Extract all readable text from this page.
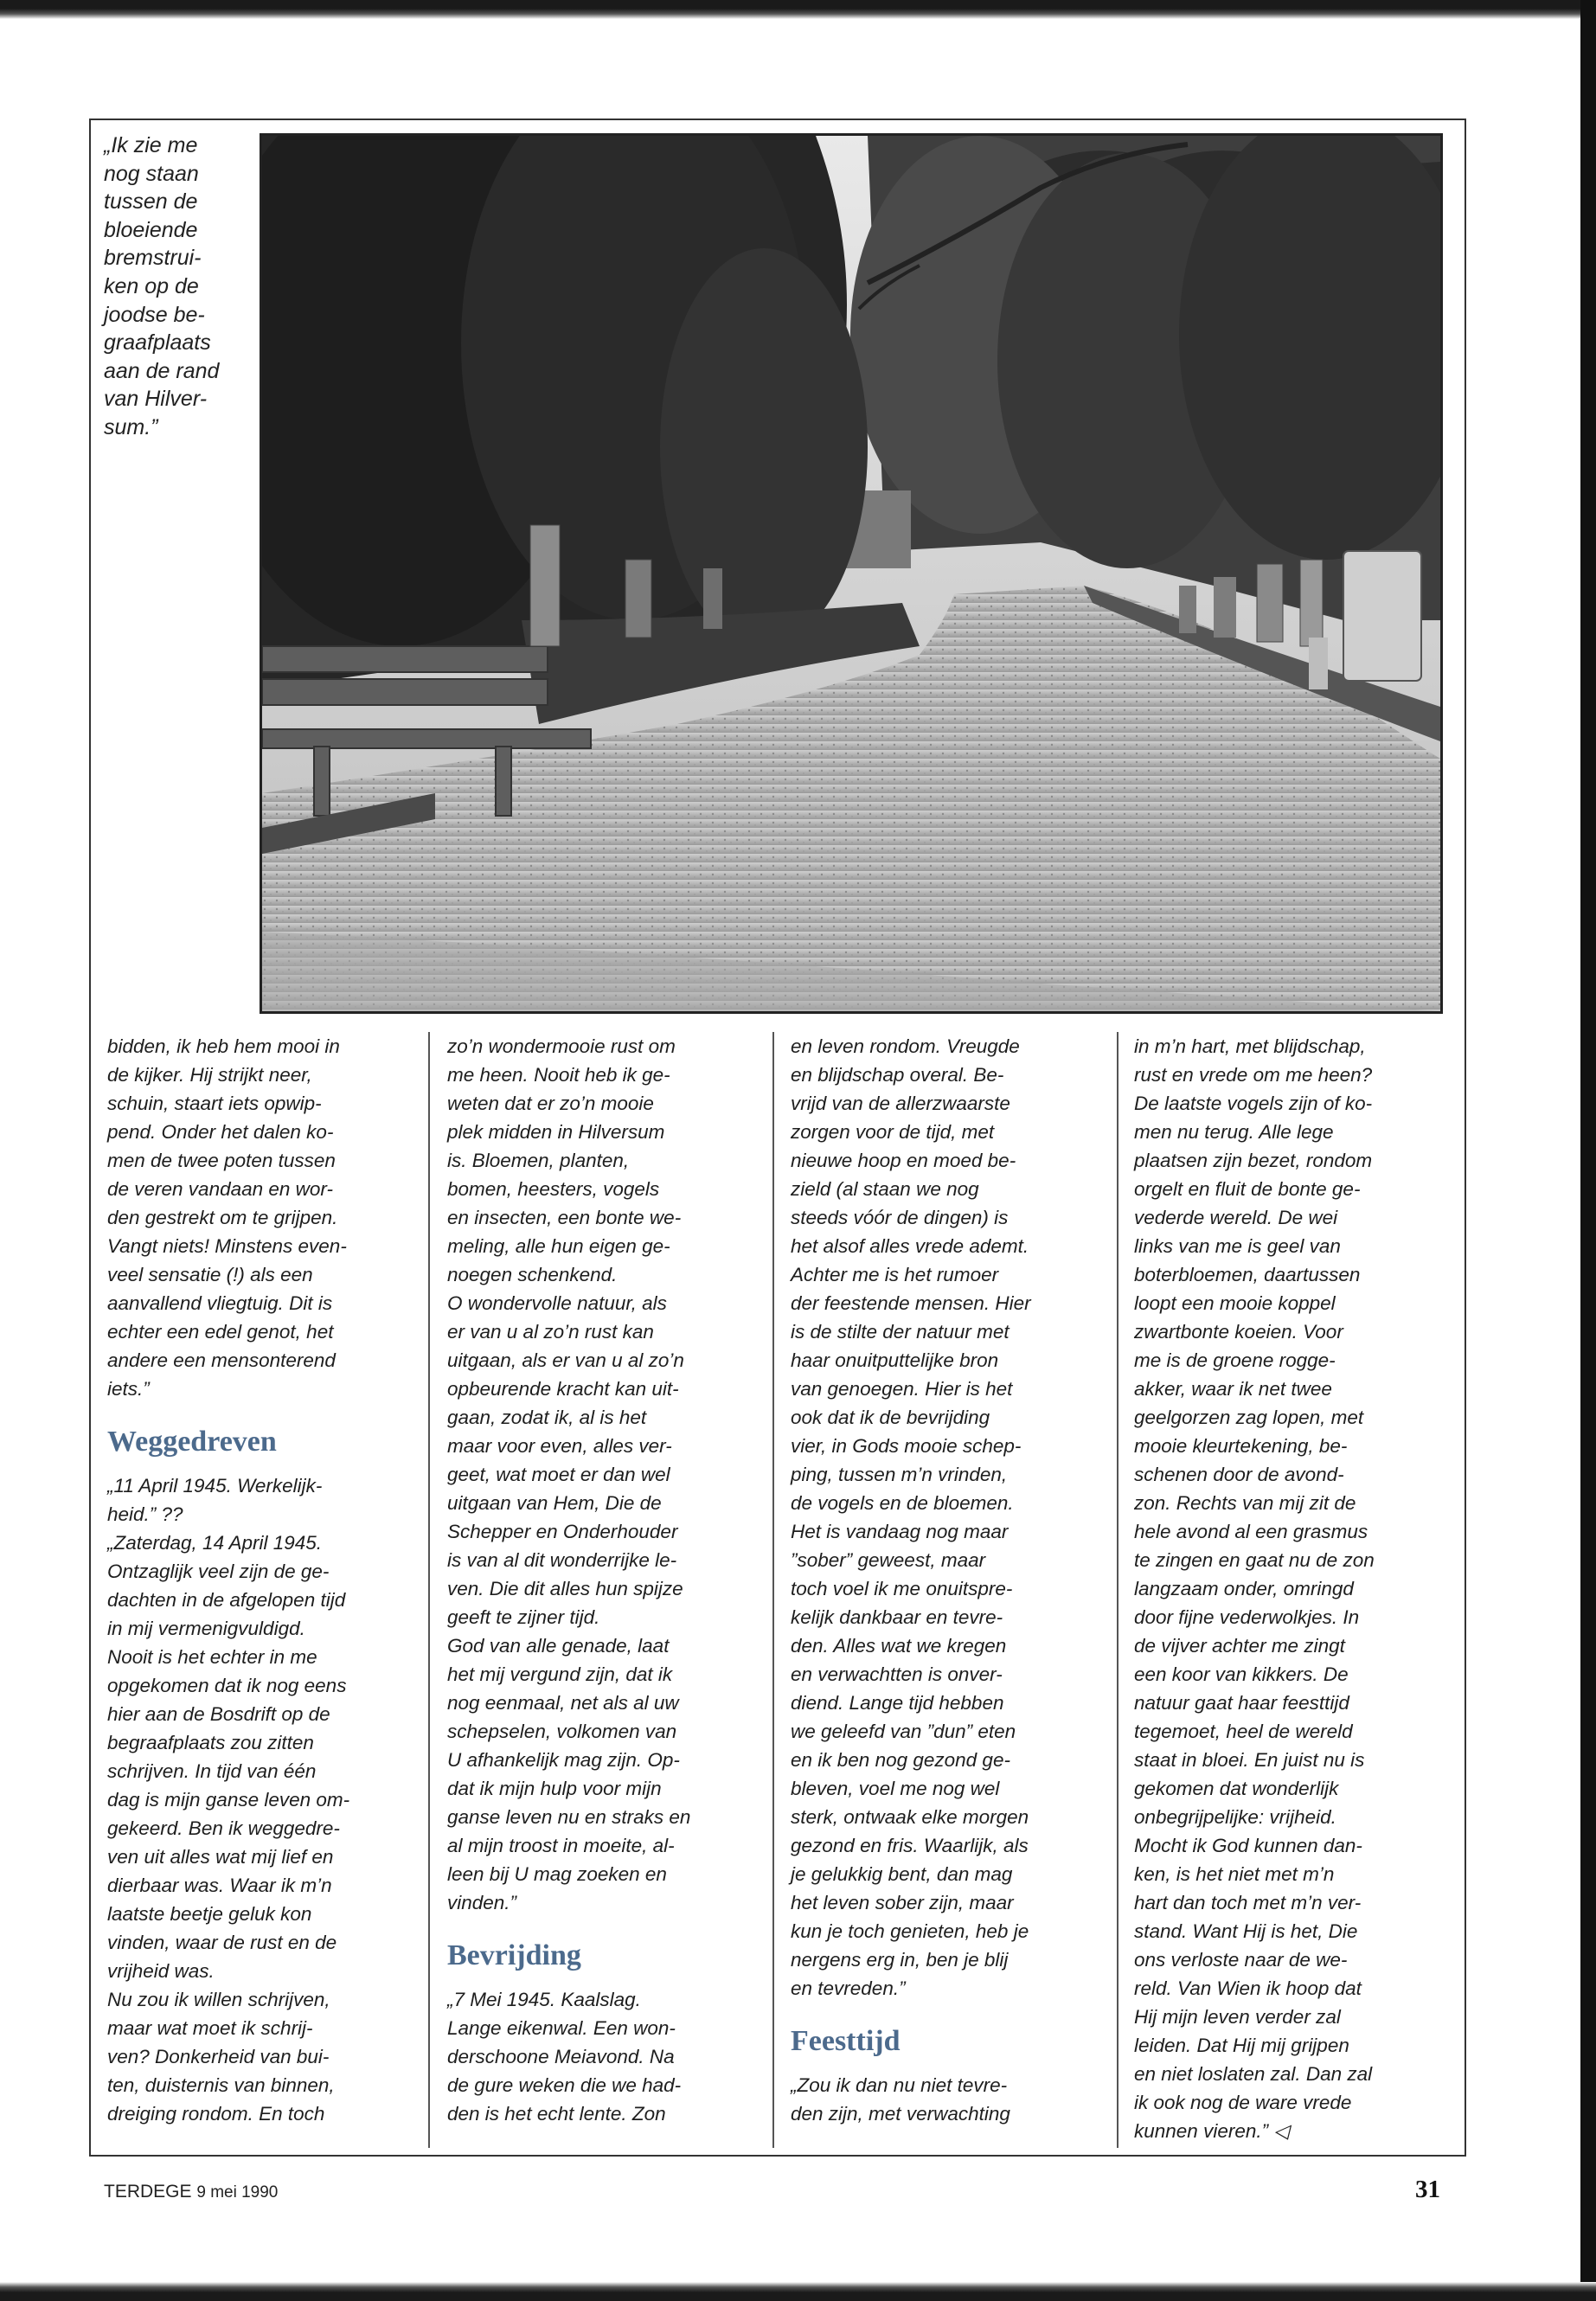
„Ik zie me
nog staan
tussen de
bloeiende
bremstrui-
ken op de
joodse be-
graafplaats
aan de rand
van Hilver-
sum.”

bidden, ik heb hem mooi in
de kijker. Hij strijkt neer,
schuin, staart iets opwip-
pend. Onder het dalen ko-
men de twee poten tussen
de veren vandaan en wor-
den gestrekt om te grijpen.
Vangt niets! Minstens even-
veel sensatie (!) als een
aanvallend vliegtuig. Dit is
echter een edel genot, het
andere een mensonterend
iets.”

Weggedreven

„11 April 1945. Werkelijk-
heid.” ??
„Zaterdag, 14 April 1945.
Ontzaglijk veel zijn de ge-
dachten in de afgelopen tijd
in mij vermenigvuldigd.
Nooit is het echter in me
opgekomen dat ik nog eens
hier aan de Bosdrift op de
begraafplaats zou zitten
schrijven. In tijd van één
dag is mijn ganse leven om-
gekeerd. Ben ik weggedre-
ven uit alles wat mij lief en
dierbaar was. Waar ik m’n
laatste beetje geluk kon
vinden, waar de rust en de
vrijheid was.
Nu zou ik willen schrijven,
maar wat moet ik schrij-
ven? Donkerheid van bui-
ten, duisternis van binnen,
dreiging rondom. En toch

zo’n wondermooie rust om
me heen. Nooit heb ik ge-
weten dat er zo’n mooie
plek midden in Hilversum
is. Bloemen, planten,
bomen, heesters, vogels
en insecten, een bonte we-
meling, alle hun eigen ge-
noegen schenkend.
O wondervolle natuur, als
er van u al zo’n rust kan
uitgaan, als er van u al zo’n
opbeurende kracht kan uit-
gaan, zodat ik, al is het
maar voor even, alles ver-
geet, wat moet er dan wel
uitgaan van Hem, Die de
Schepper en Onderhouder
is van al dit wonderrijke le-
ven. Die dit alles hun spijze
geeft te zijner tijd.
God van alle genade, laat
het mij vergund zijn, dat ik
nog eenmaal, net als al uw
schepselen, volkomen van
U afhankelijk mag zijn. Op-
dat ik mijn hulp voor mijn
ganse leven nu en straks en
al mijn troost in moeite, al-
leen bij U mag zoeken en
vinden.”

Bevrijding

„7 Mei 1945. Kaalslag.
Lange eikenwal. Een won-
derschoone Meiavond. Na
de gure weken die we had-
den is het echt lente. Zon

en leven rondom. Vreugde
en blijdschap overal. Be-
vrijd van de allerzwaarste
zorgen voor de tijd, met
nieuwe hoop en moed be-
zield (al staan we nog
steeds vóór de dingen) is
het alsof alles vrede ademt.
Achter me is het rumoer
der feestende mensen. Hier
is de stilte der natuur met
haar onuitputtelijke bron
van genoegen. Hier is het
ook dat ik de bevrijding
vier, in Gods mooie schep-
ping, tussen m’n vrinden,
de vogels en de bloemen.
Het is vandaag nog maar
”sober” geweest, maar
toch voel ik me onuitspre-
kelijk dankbaar en tevre-
den. Alles wat we kregen
en verwachtten is onver-
diend. Lange tijd hebben
we geleefd van ”dun” eten
en ik ben nog gezond ge-
bleven, voel me nog wel
sterk, ontwaak elke morgen
gezond en fris. Waarlijk, als
je gelukkig bent, dan mag
het leven sober zijn, maar
kun je toch genieten, heb je
nergens erg in, ben je blij
en tevreden.”

Feesttijd

„Zou ik dan nu niet tevre-
den zijn, met verwachting

in m’n hart, met blijdschap,
rust en vrede om me heen?
De laatste vogels zijn of ko-
men nu terug. Alle lege
plaatsen zijn bezet, rondom
orgelt en fluit de bonte ge-
vederde wereld. De wei
links van me is geel van
boterbloemen, daartussen
loopt een mooie koppel
zwartbonte koeien. Voor
me is de groene rogge-
akker, waar ik net twee
geelgorzen zag lopen, met
mooie kleurtekening, be-
schenen door de avond-
zon. Rechts van mij zit de
hele avond al een grasmus
te zingen en gaat nu de zon
langzaam onder, omringd
door fijne vederwolkjes. In
de vijver achter me zingt
een koor van kikkers. De
natuur gaat haar feesttijd
tegemoet, heel de wereld
staat in bloei. En juist nu is
gekomen dat wonderlijk
onbegrijpelijke: vrijheid.
Mocht ik God kunnen dan-
ken, is het niet met m’n
hart dan toch met m’n ver-
stand. Want Hij is het, Die
ons verloste naar de we-
reld. Van Wien ik hoop dat
Hij mijn leven verder zal
leiden. Dat Hij mij grijpen
en niet loslaten zal. Dan zal
ik ook nog de ware vrede
kunnen vieren.” ◁

TERDEGE 9 mei 1990	31
